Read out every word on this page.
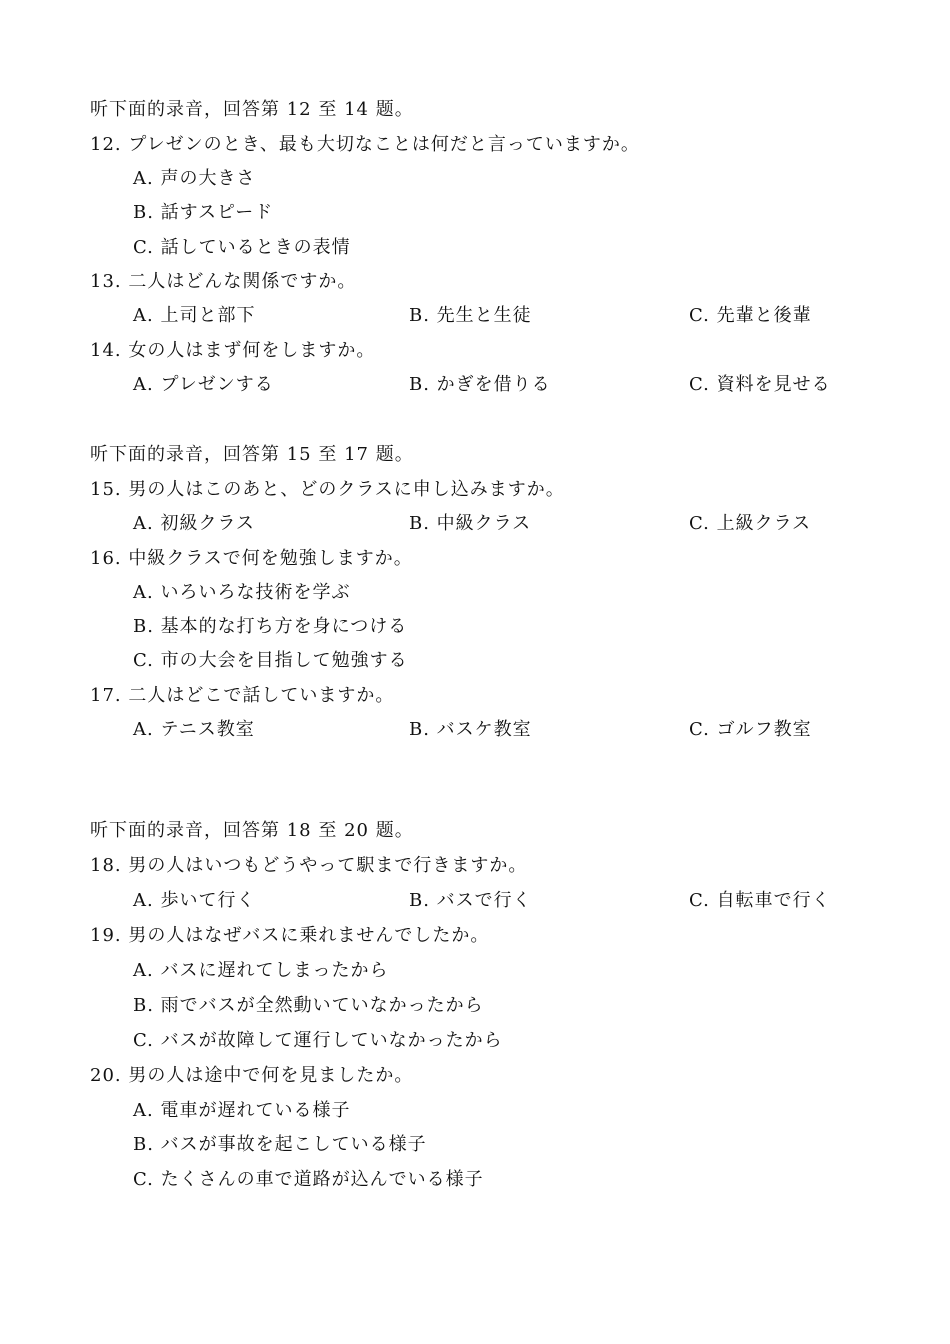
听下面的录音，回答第 12 至 14 题。
12. プレゼンのとき、最も大切なことは何だと言っていますか。
A. 声の大きさ
B. 話すスピード
C. 話しているときの表情
13. 二人はどんな関係ですか。
A. 上司と部下	B. 先生と生徒	C. 先輩と後輩
14. 女の人はまず何をしますか。
A. プレゼンする	B. かぎを借りる	C. 資料を見せる
听下面的录音，回答第 15 至 17 题。
15. 男の人はこのあと、どのクラスに申し込みますか。
A. 初級クラス	B. 中級クラス	C. 上級クラス
16. 中級クラスで何を勉強しますか。
A. いろいろな技術を学ぶ
B. 基本的な打ち方を身につける
C. 市の大会を目指して勉強する
17. 二人はどこで話していますか。
A. テニス教室	B. バスケ教室	C. ゴルフ教室
听下面的录音，回答第 18 至 20 题。
18. 男の人はいつもどうやって駅まで行きますか。
A. 歩いて行く	B. バスで行く	C. 自転車で行く
19. 男の人はなぜバスに乗れませんでしたか。
A. バスに遅れてしまったから
B. 雨でバスが全然動いていなかったから
C. バスが故障して運行していなかったから
20. 男の人は途中で何を見ましたか。
A. 電車が遅れている様子
B. バスが事故を起こしている様子
C. たくさんの車で道路が込んでいる様子
